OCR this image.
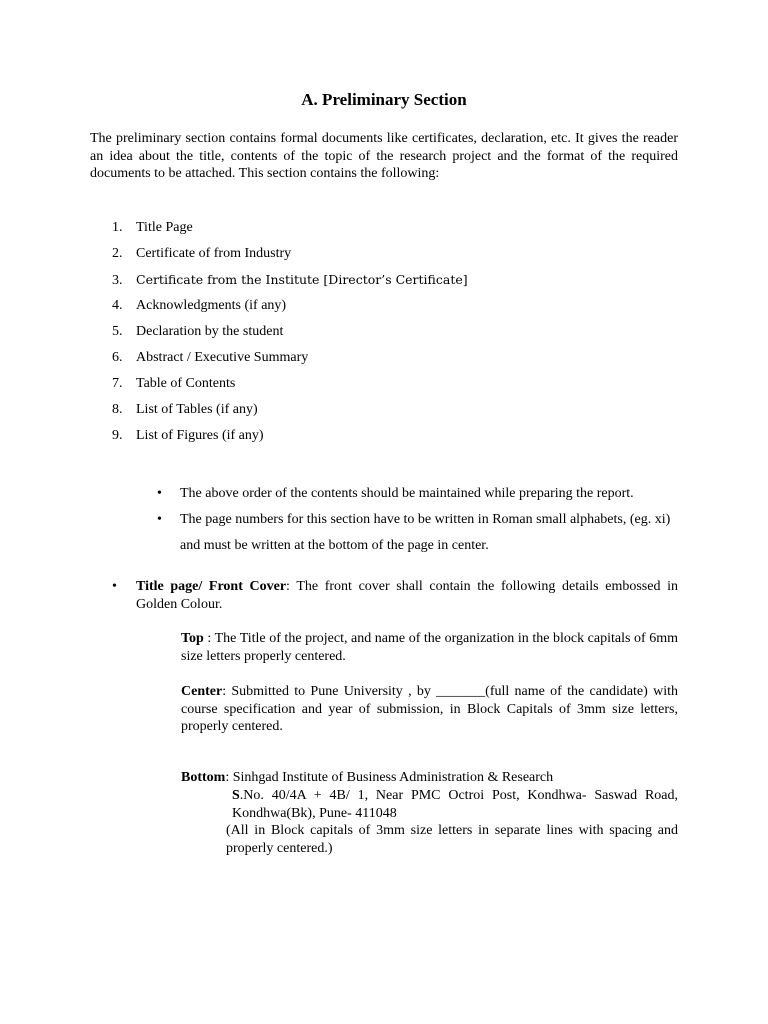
A. Preliminary Section

The preliminary section contains formal documents like certificates, declaration, etc. It gives the reader an idea about the title, contents of the topic of the research project and the format of the required documents to be attached. This section contains the following:

1. Title Page
2. Certificate of from Industry
3. Certificate from the Institute [Director’s Certificate]
4. Acknowledgments (if any)
5. Declaration by the student
6. Abstract / Executive Summary
7. Table of Contents
8. List of Tables (if any)
9. List of Figures (if any)
• The above order of the contents should be maintained while preparing the report.
• The page numbers for this section have to be written in Roman small alphabets, (eg. xi) and must be written at the bottom of the page in center.
• Title page/ Front Cover: The front cover shall contain the following details embossed in Golden Colour.
Top : The Title of the project, and name of the organization in the block capitals of 6mm size letters properly centered.
Center: Submitted to Pune University , by _______(full name of the candidate) with course specification and year of submission, in Block Capitals of 3mm size letters, properly centered.
Bottom: Sinhgad Institute of Business Administration & Research
S.No. 40/4A + 4B/ 1, Near PMC Octroi Post, Kondhwa- Saswad Road, Kondhwa(Bk), Pune- 411048
(All in Block capitals of 3mm size letters in separate lines with spacing and properly centered.)
